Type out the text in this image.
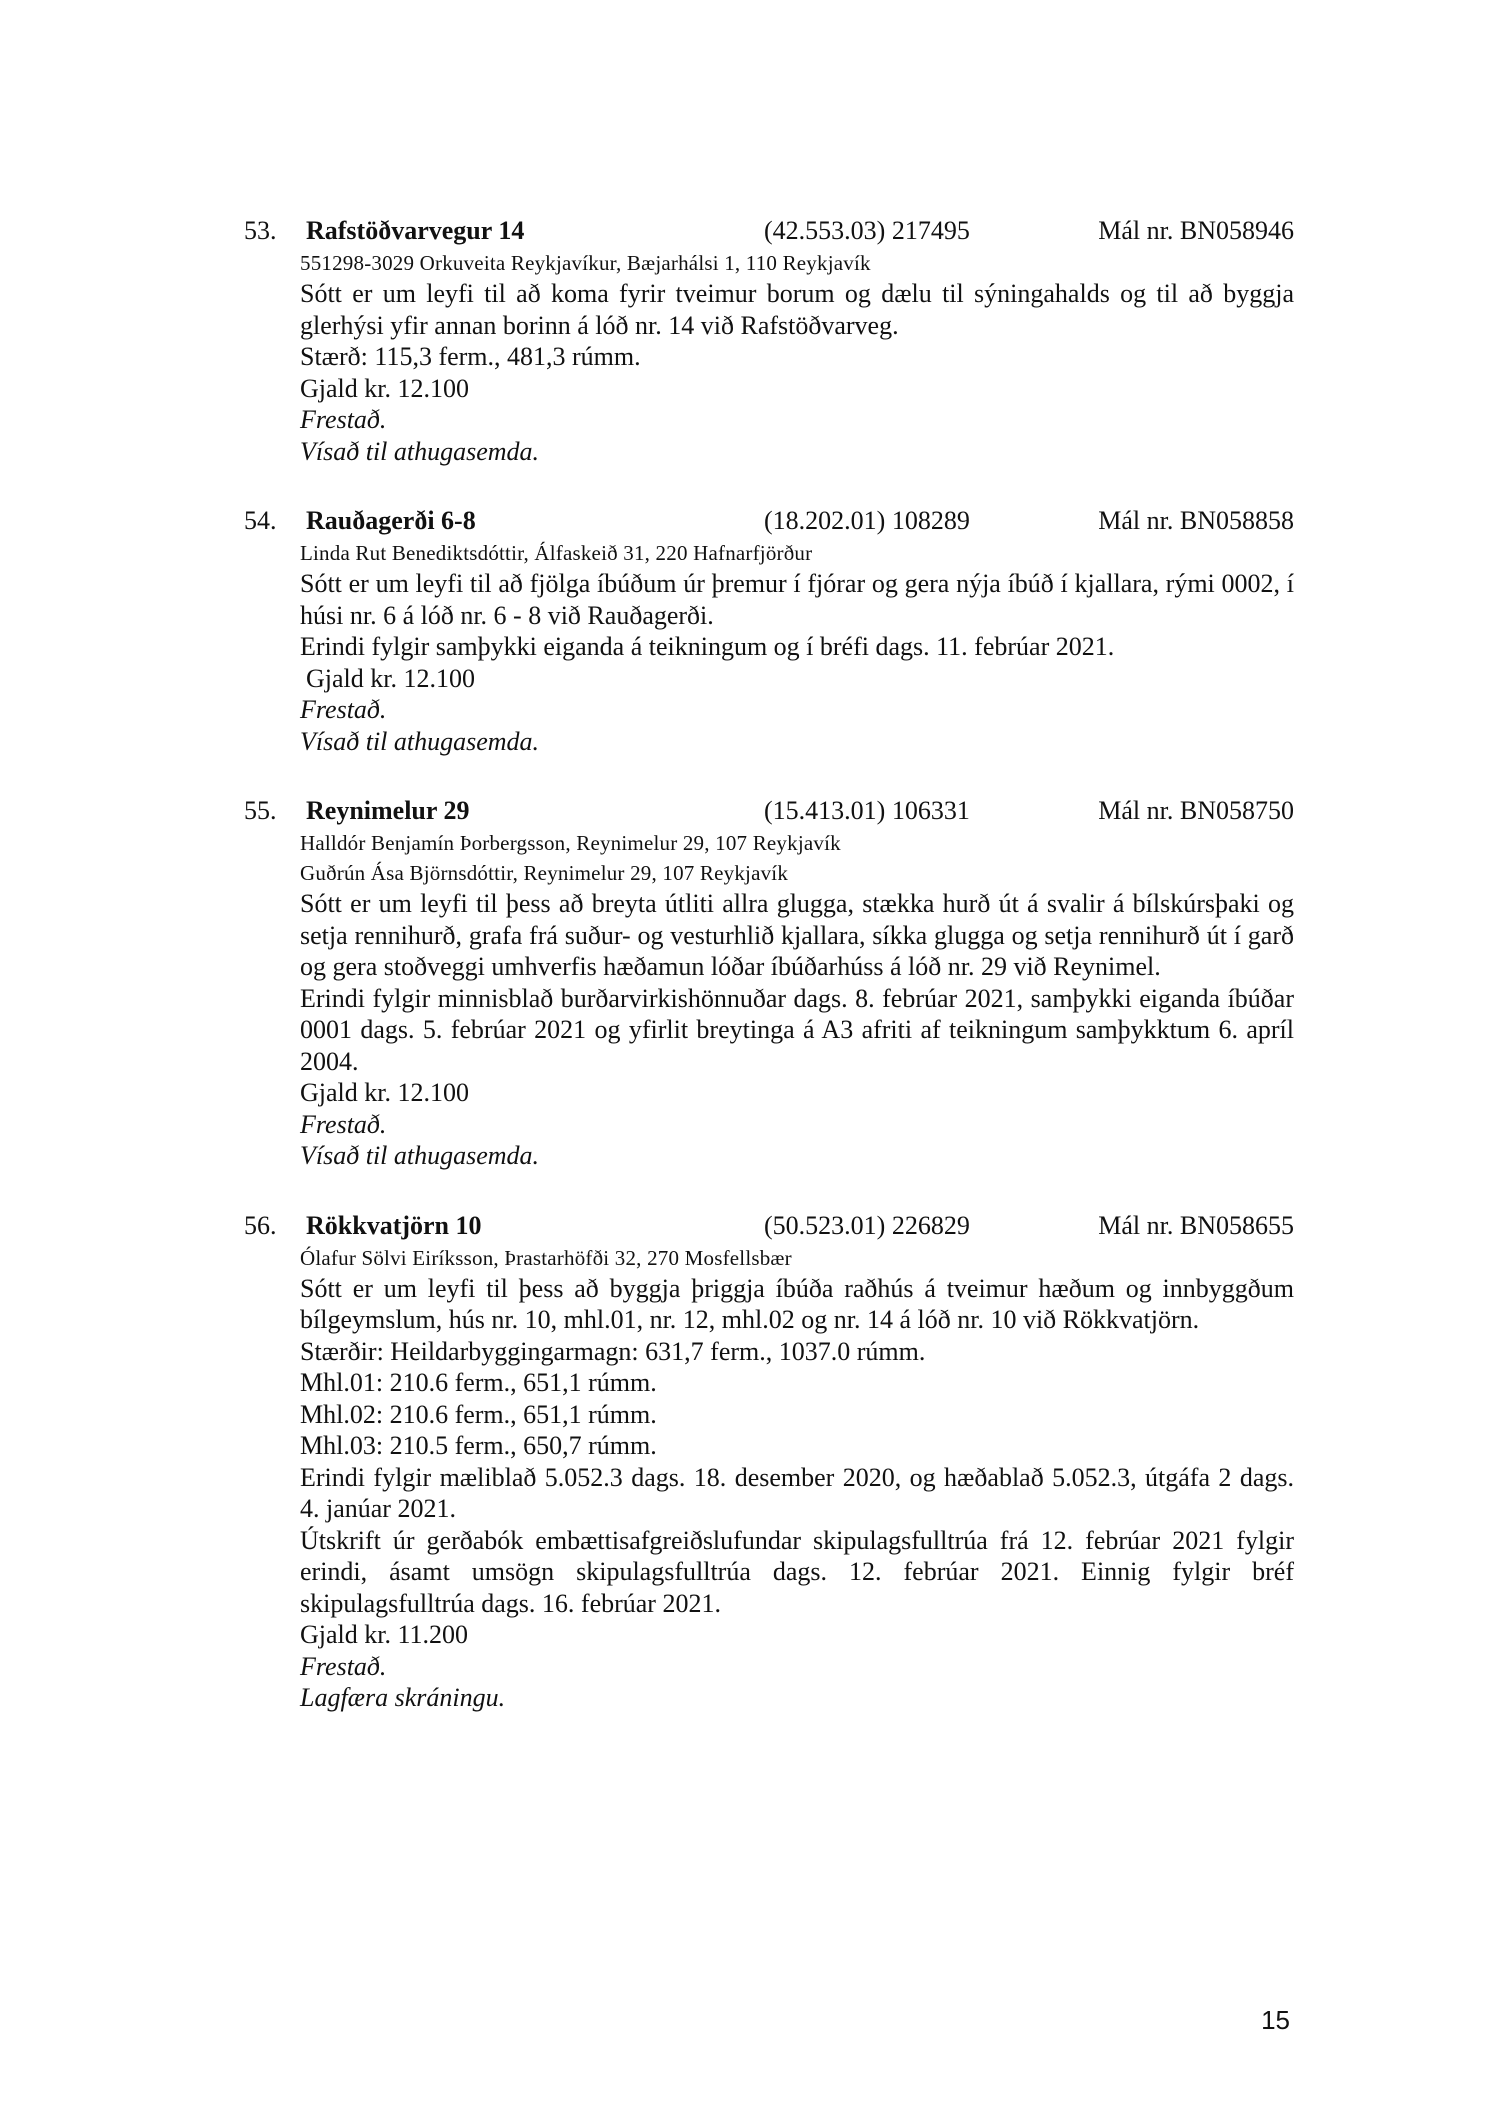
53.	Rafstöðvarvegur 14	(42.553.03) 217495	Mál nr. BN058946
551298-3029 Orkuveita Reykjavíkur, Bæjarhálsi 1, 110 Reykjavík
Sótt er um leyfi til að koma fyrir tveimur borum og dælu til sýningahalds og til að byggja glerhýsi yfir annan borinn á lóð nr. 14 við Rafstöðvarveg.
Stærð: 115,3 ferm., 481,3 rúmm.
Gjald kr. 12.100
Frestað.
Vísað til athugasemda.
54.	Rauðagerði 6-8	(18.202.01) 108289	Mál nr. BN058858
Linda Rut Benediktsdóttir, Álfaskeið 31, 220 Hafnarfjörður
Sótt er um leyfi til að fjölga íbúðum úr þremur í fjórar og gera nýja íbúð í kjallara, rými 0002, í húsi nr. 6 á lóð nr. 6 - 8 við Rauðagerði.
Erindi fylgir samþykki eiganda á teikningum og í bréfi dags. 11. febrúar 2021.
Gjald kr. 12.100
Frestað.
Vísað til athugasemda.
55.	Reynimelur 29	(15.413.01) 106331	Mál nr. BN058750
Halldór Benjamín Þorbergsson, Reynimelur 29, 107 Reykjavík
Guðrún Ása Björnsdóttir, Reynimelur 29, 107 Reykjavík
Sótt er um leyfi til þess að breyta útliti allra glugga, stækka hurð út á svalir á bílskúrsþaki og setja rennihurð, grafa frá suður- og vesturhlið kjallara, síkka glugga og setja rennihurð út í garð og gera stoðveggi umhverfis hæðamun lóðar íbúðarhúss á lóð nr. 29 við Reynimel.
Erindi fylgir minnisblað burðarvirkishönnuðar dags. 8. febrúar 2021, samþykki eiganda íbúðar 0001 dags. 5. febrúar 2021 og yfirlit breytinga á A3 afriti af teikningum samþykktum 6. apríl 2004.
Gjald kr. 12.100
Frestað.
Vísað til athugasemda.
56.	Rökkvatjörn 10	(50.523.01) 226829	Mál nr. BN058655
Ólafur Sölvi Eiríksson, Þrastarhöfði 32, 270 Mosfellsbær
Sótt er um leyfi til þess að byggja þriggja íbúða raðhús á tveimur hæðum og innbyggðum bílgeymslum, hús nr. 10, mhl.01, nr. 12, mhl.02 og nr. 14 á lóð nr. 10 við Rökkvatjörn.
Stærðir: Heildarbyggingarmagn: 631,7 ferm., 1037.0 rúmm.
Mhl.01: 210.6 ferm., 651,1 rúmm.
Mhl.02: 210.6 ferm., 651,1 rúmm.
Mhl.03: 210.5 ferm., 650,7 rúmm.
Erindi fylgir mæliblað 5.052.3 dags. 18. desember 2020, og hæðablað 5.052.3, útgáfa 2 dags. 4. janúar 2021.
Útskrift úr gerðabók embættisafgreiðslufundar skipulagsfulltrúa frá 12. febrúar 2021 fylgir erindi, ásamt umsögn skipulagsfulltrúa dags. 12. febrúar 2021. Einnig fylgir bréf skipulagsfulltrúa dags. 16. febrúar 2021.
Gjald kr. 11.200
Frestað.
Lagfæra skráningu.
15
